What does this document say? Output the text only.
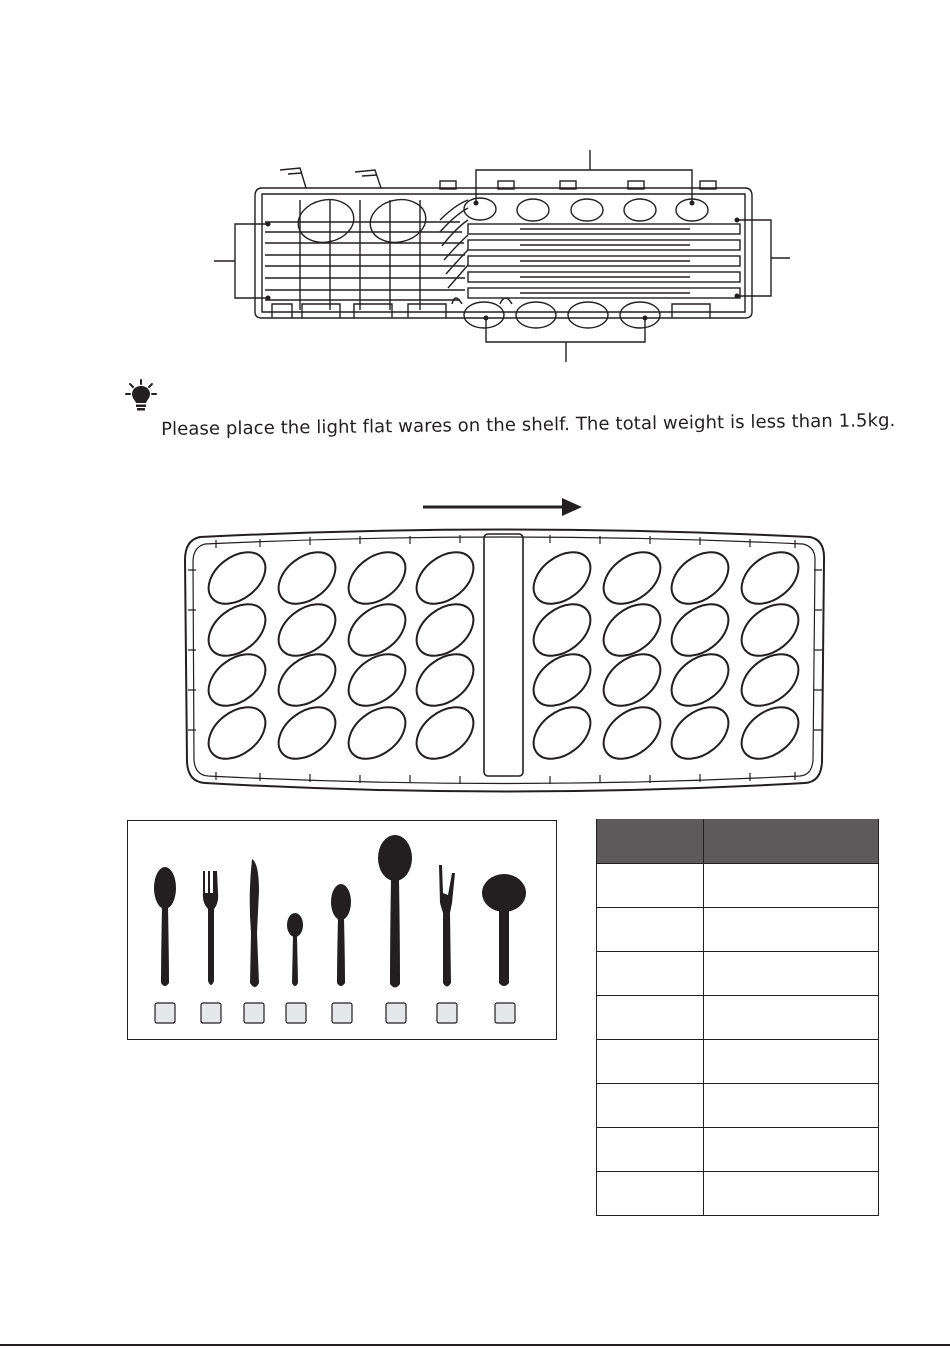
Please place the light flat wares on the shelf. The total weight is less than 1.5kg.
